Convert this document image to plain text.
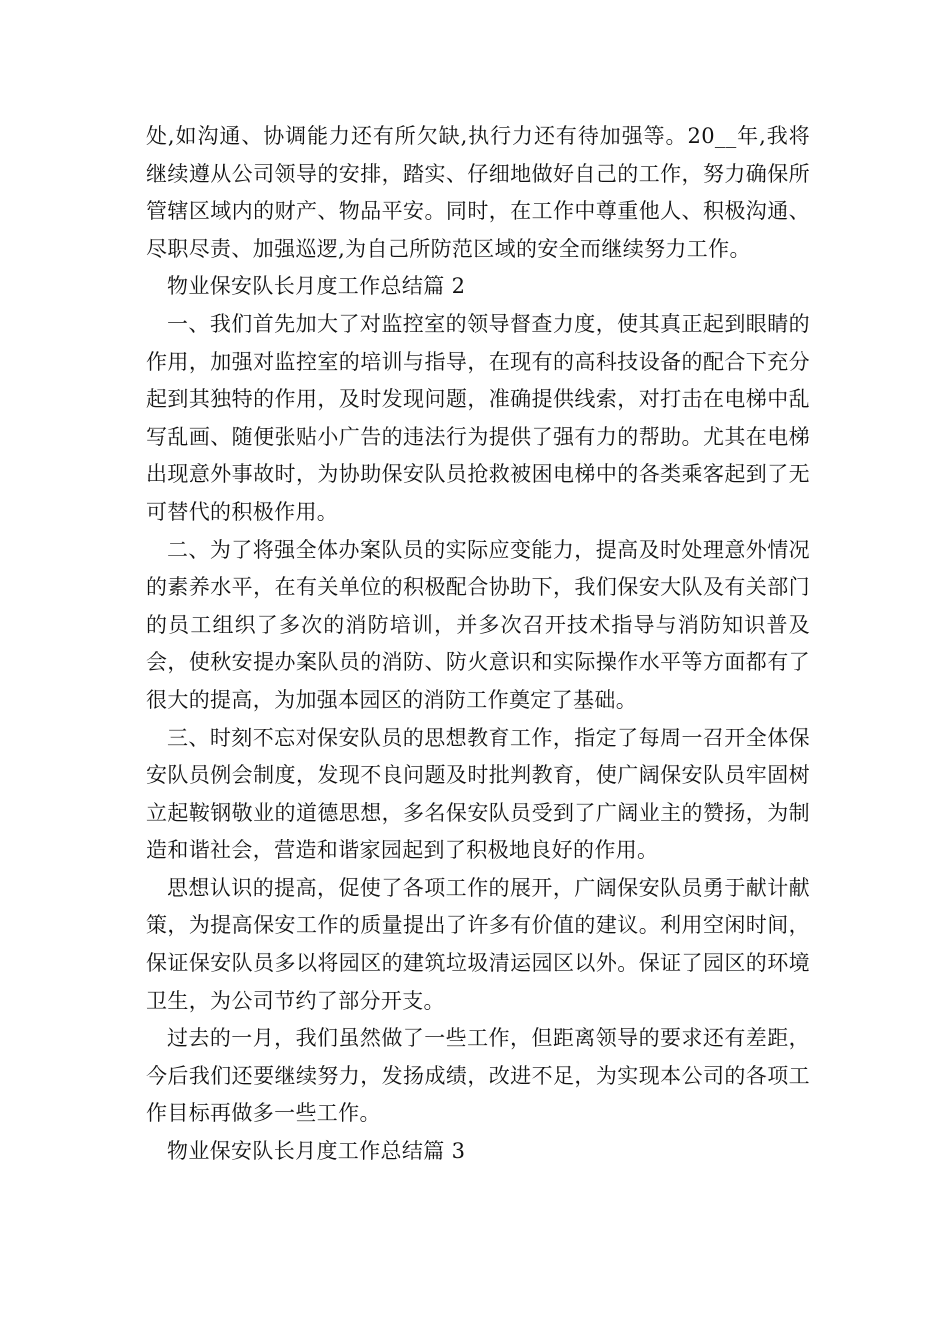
处,如沟通、协调能力还有所欠缺,执行力还有待加强等。20__年,我将继续遵从公司领导的安排，踏实、仔细地做好自己的工作，努力确保所管辖区域内的财产、物品平安。同时，在工作中尊重他人、积极沟通、尽职尽责、加强巡逻,为自己所防范区域的安全而继续努力工作。

物业保安队长月度工作总结篇 2

一、我们首先加大了对监控室的领导督查力度，使其真正起到眼睛的作用，加强对监控室的培训与指导，在现有的高科技设备的配合下充分起到其独特的作用，及时发现问题，准确提供线索，对打击在电梯中乱写乱画、随便张贴小广告的违法行为提供了强有力的帮助。尤其在电梯出现意外事故时，为协助保安队员抢救被困电梯中的各类乘客起到了无可替代的积极作用。

二、为了将强全体办案队员的实际应变能力，提高及时处理意外情况的素养水平，在有关单位的积极配合协助下，我们保安大队及有关部门的员工组织了多次的消防培训，并多次召开技术指导与消防知识普及会，使秋安提办案队员的消防、防火意识和实际操作水平等方面都有了很大的提高，为加强本园区的消防工作奠定了基础。

三、时刻不忘对保安队员的思想教育工作，指定了每周一召开全体保安队员例会制度，发现不良问题及时批判教育，使广阔保安队员牢固树立起鞍钢敬业的道德思想，多名保安队员受到了广阔业主的赞扬，为制造和谐社会，营造和谐家园起到了积极地良好的作用。

思想认识的提高，促使了各项工作的展开，广阔保安队员勇于献计献策，为提高保安工作的质量提出了许多有价值的建议。利用空闲时间，保证保安队员多以将园区的建筑垃圾清运园区以外。保证了园区的环境卫生，为公司节约了部分开支。

过去的一月，我们虽然做了一些工作，但距离领导的要求还有差距，今后我们还要继续努力，发扬成绩，改进不足，为实现本公司的各项工作目标再做多一些工作。

物业保安队长月度工作总结篇 3
